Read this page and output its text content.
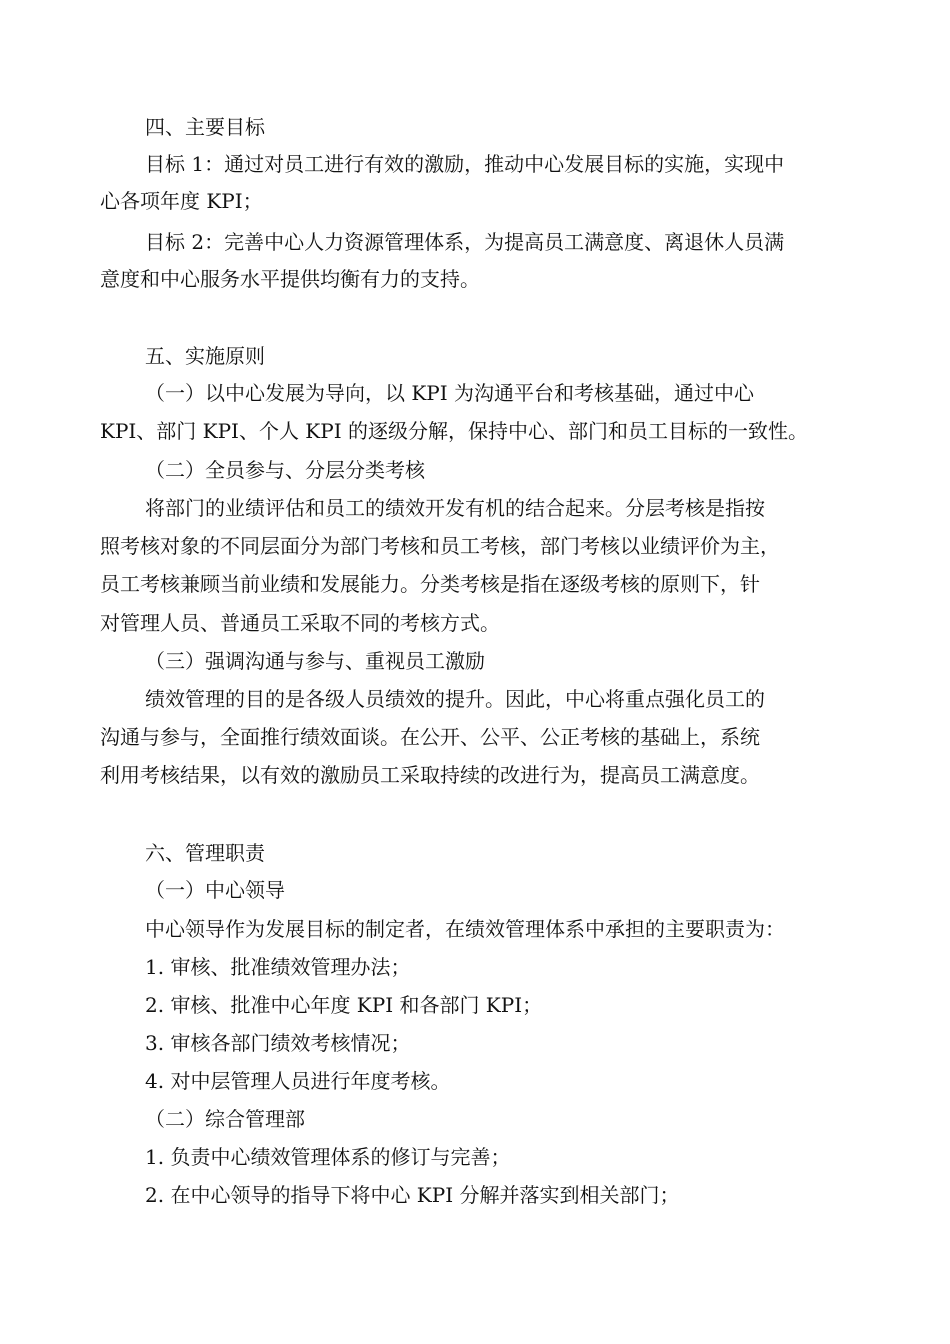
四、主要目标
目标 1：通过对员工进行有效的激励，推动中心发展目标的实施，实现中
心各项年度 KPI；
目标 2：完善中心人力资源管理体系，为提高员工满意度、离退休人员满
意度和中心服务水平提供均衡有力的支持。
五、实施原则
（一）以中心发展为导向，以 KPI 为沟通平台和考核基础，通过中心
KPI、部门 KPI、个人 KPI 的逐级分解，保持中心、部门和员工目标的一致性。
（二）全员参与、分层分类考核
将部门的业绩评估和员工的绩效开发有机的结合起来。分层考核是指按
照考核对象的不同层面分为部门考核和员工考核，部门考核以业绩评价为主，
员工考核兼顾当前业绩和发展能力。分类考核是指在逐级考核的原则下，针
对管理人员、普通员工采取不同的考核方式。
（三）强调沟通与参与、重视员工激励
绩效管理的目的是各级人员绩效的提升。因此，中心将重点强化员工的
沟通与参与，全面推行绩效面谈。在公开、公平、公正考核的基础上，系统
利用考核结果，以有效的激励员工采取持续的改进行为，提高员工满意度。
六、管理职责
（一）中心领导
中心领导作为发展目标的制定者，在绩效管理体系中承担的主要职责为：
1. 审核、批准绩效管理办法；
2. 审核、批准中心年度 KPI 和各部门 KPI；
3. 审核各部门绩效考核情况；
4. 对中层管理人员进行年度考核。
（二）综合管理部
1. 负责中心绩效管理体系的修订与完善；
2. 在中心领导的指导下将中心 KPI 分解并落实到相关部门；
